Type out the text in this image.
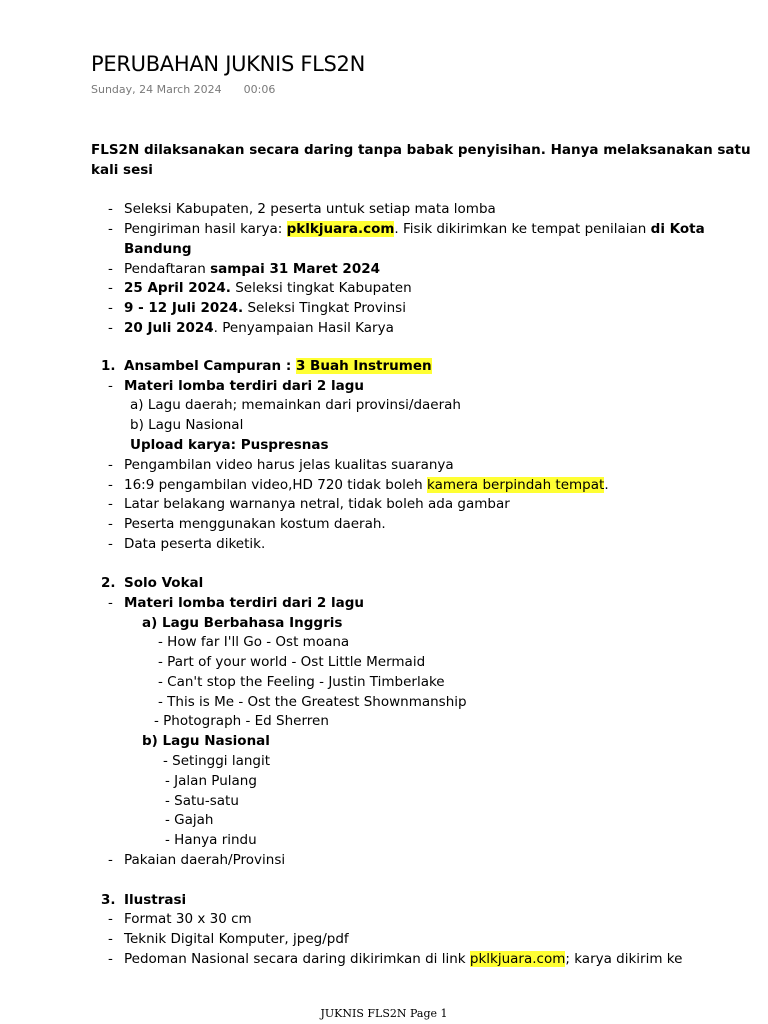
PERUBAHAN JUKNIS FLS2N
Sunday, 24 March 2024 00:06
FLS2N dilaksanakan secara daring tanpa babak penyisihan. Hanya melaksanakan satu
kali sesi
- Seleksi Kabupaten, 2 peserta untuk setiap mata lomba
- Pengiriman hasil karya: pklkjuara.com. Fisik dikirimkan ke tempat penilaian di Kota
Bandung
- Pendaftaran sampai 31 Maret 2024
- 25 April 2024. Seleksi tingkat Kabupaten
- 9 - 12 Juli 2024. Seleksi Tingkat Provinsi
- 20 Juli 2024. Penyampaian Hasil Karya
1. Ansambel Campuran : 3 Buah Instrumen
- Materi lomba terdiri dari 2 lagu
a) Lagu daerah; memainkan dari provinsi/daerah
b) Lagu Nasional
Upload karya: Puspresnas
- Pengambilan video harus jelas kualitas suaranya
- 16:9 pengambilan video,HD 720 tidak boleh kamera berpindah tempat.
- Latar belakang warnanya netral, tidak boleh ada gambar
- Peserta menggunakan kostum daerah.
- Data peserta diketik.
2. Solo Vokal
- Materi lomba terdiri dari 2 lagu
a) Lagu Berbahasa Inggris
- How far I'll Go - Ost moana
- Part of your world - Ost Little Mermaid
- Can't stop the Feeling - Justin Timberlake
- This is Me - Ost the Greatest Shownmanship
- Photograph - Ed Sherren
b) Lagu Nasional
- Setinggi langit
- Jalan Pulang
- Satu-satu
- Gajah
- Hanya rindu
- Pakaian daerah/Provinsi
3. Ilustrasi
- Format 30 x 30 cm
- Teknik Digital Komputer, jpeg/pdf
- Pedoman Nasional secara daring dikirimkan di link pklkjuara.com; karya dikirim ke
JUKNIS FLS2N Page 1
